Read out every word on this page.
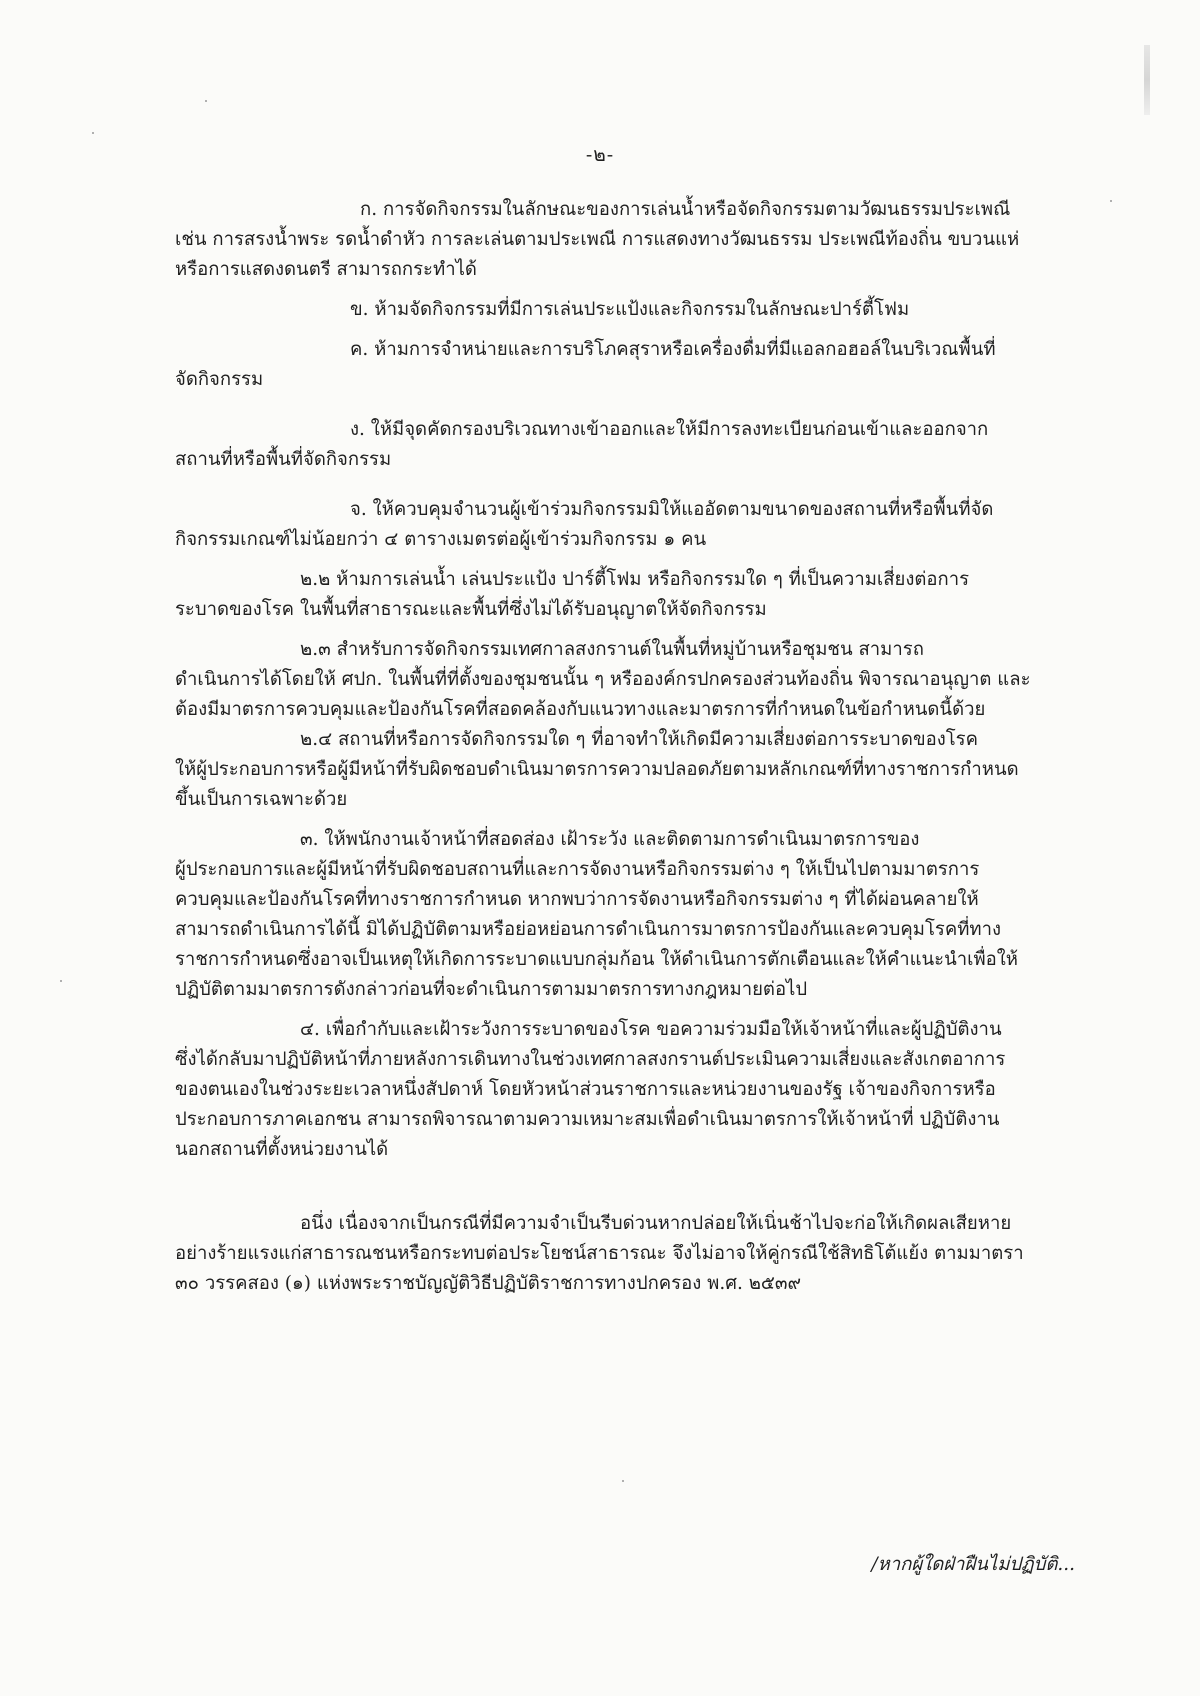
-๒-
ก. การจัดกิจกรรมในลักษณะของการเล่นน้ำหรือจัดกิจกรรมตามวัฒนธรรมประเพณี
เช่น การสรงน้ำพระ รดน้ำดำหัว การละเล่นตามประเพณี การแสดงทางวัฒนธรรม ประเพณีท้องถิ่น ขบวนแห่
หรือการแสดงดนตรี สามารถกระทำได้
ข. ห้ามจัดกิจกรรมที่มีการเล่นประแป้งและกิจกรรมในลักษณะปาร์ตี้โฟม
ค. ห้ามการจำหน่ายและการบริโภคสุราหรือเครื่องดื่มที่มีแอลกอฮอล์ในบริเวณพื้นที่
จัดกิจกรรม
ง. ให้มีจุดคัดกรองบริเวณทางเข้าออกและให้มีการลงทะเบียนก่อนเข้าและออกจาก
สถานที่หรือพื้นที่จัดกิจกรรม
จ. ให้ควบคุมจำนวนผู้เข้าร่วมกิจกรรมมิให้แออัดตามขนาดของสถานที่หรือพื้นที่จัด
กิจกรรมเกณฑ์ไม่น้อยกว่า ๔ ตารางเมตรต่อผู้เข้าร่วมกิจกรรม ๑ คน
๒.๒ ห้ามการเล่นน้ำ เล่นประแป้ง ปาร์ตี้โฟม หรือกิจกรรมใด ๆ ที่เป็นความเสี่ยงต่อการ
ระบาดของโรค ในพื้นที่สาธารณะและพื้นที่ซึ่งไม่ได้รับอนุญาตให้จัดกิจกรรม
๒.๓ สำหรับการจัดกิจกรรมเทศกาลสงกรานต์ในพื้นที่หมู่บ้านหรือชุมชน สามารถ
ดำเนินการได้โดยให้ ศปก. ในพื้นที่ที่ตั้งของชุมชนนั้น ๆ หรือองค์กรปกครองส่วนท้องถิ่น พิจารณาอนุญาต และ
ต้องมีมาตรการควบคุมและป้องกันโรคที่สอดคล้องกับแนวทางและมาตรการที่กำหนดในข้อกำหนดนี้ด้วย
๒.๔ สถานที่หรือการจัดกิจกรรมใด ๆ ที่อาจทำให้เกิดมีความเสี่ยงต่อการระบาดของโรค
ให้ผู้ประกอบการหรือผู้มีหน้าที่รับผิดชอบดำเนินมาตรการความปลอดภัยตามหลักเกณฑ์ที่ทางราชการกำหนด
ขึ้นเป็นการเฉพาะด้วย
๓. ให้พนักงานเจ้าหน้าที่สอดส่อง เฝ้าระวัง และติดตามการดำเนินมาตรการของ
ผู้ประกอบการและผู้มีหน้าที่รับผิดชอบสถานที่และการจัดงานหรือกิจกรรมต่าง ๆ ให้เป็นไปตามมาตรการ
ควบคุมและป้องกันโรคที่ทางราชการกำหนด หากพบว่าการจัดงานหรือกิจกรรมต่าง ๆ ที่ได้ผ่อนคลายให้
สามารถดำเนินการได้นี้ มิได้ปฏิบัติตามหรือย่อหย่อนการดำเนินการมาตรการป้องกันและควบคุมโรคที่ทาง
ราชการกำหนดซึ่งอาจเป็นเหตุให้เกิดการระบาดแบบกลุ่มก้อน ให้ดำเนินการตักเตือนและให้คำแนะนำเพื่อให้
ปฏิบัติตามมาตรการดังกล่าวก่อนที่จะดำเนินการตามมาตรการทางกฎหมายต่อไป
๔. เพื่อกำกับและเฝ้าระวังการระบาดของโรค ขอความร่วมมือให้เจ้าหน้าที่และผู้ปฏิบัติงาน
ซึ่งได้กลับมาปฏิบัติหน้าที่ภายหลังการเดินทางในช่วงเทศกาลสงกรานต์ประเมินความเสี่ยงและสังเกตอาการ
ของตนเองในช่วงระยะเวลาหนึ่งสัปดาห์ โดยหัวหน้าส่วนราชการและหน่วยงานของรัฐ เจ้าของกิจการหรือ
ประกอบการภาคเอกชน สามารถพิจารณาตามความเหมาะสมเพื่อดำเนินมาตรการให้เจ้าหน้าที่ ปฏิบัติงาน
นอกสถานที่ตั้งหน่วยงานได้
อนึ่ง เนื่องจากเป็นกรณีที่มีความจำเป็นรีบด่วนหากปล่อยให้เนิ่นช้าไปจะก่อให้เกิดผลเสียหาย
อย่างร้ายแรงแก่สาธารณชนหรือกระทบต่อประโยชน์สาธารณะ จึงไม่อาจให้คู่กรณีใช้สิทธิโต้แย้ง ตามมาตรา
๓๐ วรรคสอง (๑) แห่งพระราชบัญญัติวิธีปฏิบัติราชการทางปกครอง พ.ศ. ๒๕๓๙
/หากผู้ใดฝ่าฝืนไม่ปฏิบัติ...
